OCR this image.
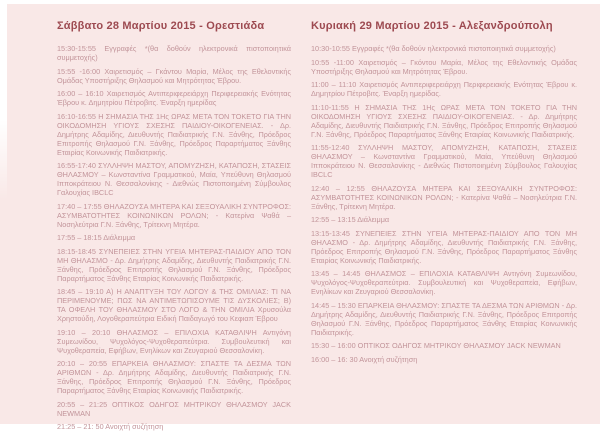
Σάββατο 28 Μαρτίου 2015 - Ορεστιάδα

15:30-15:55 Εγγραφές *(θα δοθούν ηλεκτρονικά πιστοποιητικά συμμετοχής)

15:55 -16:00 Χαιρετισμός – Γκάντου Μαρία, Μέλος της Εθελοντικής Ομάδας Υποστήριξης Θηλασμού και Μητρότητας Έβρου.

16:00 – 16:10 Χαιρετισμός Αντιπεριφερειάρχη Περιφερειακής Ενότητας Έβρου κ. Δημητρίου Πέτροβιτς. Έναρξη ημερίδας

16:10-16:55 Η ΣΗΜΑΣΙΑ ΤΗΣ 1Ης ΩΡΑΣ ΜΕΤΑ ΤΟΝ ΤΟΚΕΤΟ ΓΙΑ ΤΗΝ ΟΙΚΟΔΟΜΗΣΗ ΥΓΙΟΥΣ ΣΧΕΣΗΣ ΠΑΙΔΙΟΥ-ΟΙΚΟΓΕΝΕΙΑΣ. - Δρ. Δημήτρης Αδαμίδης, Διευθυντής Παιδιατρικής Γ.Ν. Ξάνθης, Πρόεδρος Επιτροπής Θηλασμού Γ.Ν. Ξάνθης, Πρόεδρος Παραρτήματος Ξάνθης Εταιρίας Κοινωνικής Παιδιατρικής.

16:55-17:40 ΣΥΛΛΗΨΗ ΜΑΣΤΟΥ, ΑΠΟΜΥΖΗΣΗ, ΚΑΤΑΠΟΣΗ, ΣΤΑΣΕΙΣ ΘΗΛΑΣΜΟΥ – Κωνσταντίνα Γραμματικού, Μαία, Υπεύθυνη Θηλασμού Ιπποκράτειου Ν. Θεσσαλονίκης - Διεθνώς Πιστοποιημένη Σύμβουλος Γαλουχίας IBCLC

17:40 – 17:55 ΘΗΛΑΖΟΥΣΑ ΜΗΤΕΡΑ ΚΑΙ ΣΕΞΟΥΑΛΙΚΗ ΣΥΝΤΡΟΦΟΣ: ΑΣΥΜΒΑΤΟΤΗΤΕΣ ΚΟΙΝΩΝΙΚΩΝ ΡΟΛΩΝ; - Κατερίνα Ψαθά – Νοσηλεύτρια Γ.Ν. Ξάνθης, Τρίτεκνη Μητέρα.

17:55 – 18:15 Διάλειμμα

18:15-18:45 ΣΥΝΕΠΕΙΕΣ ΣΤΗΝ ΥΓΕΙΑ ΜΗΤΕΡΑΣ-ΠΑΙΔΙΟΥ ΑΠΟ ΤΟΝ ΜΗ ΘΗΛΑΣΜΟ - Δρ. Δημήτρης Αδαμίδης, Διευθυντής Παιδιατρικής Γ.Ν. Ξάνθης, Πρόεδρος Επιτροπής Θηλασμού Γ.Ν. Ξάνθης, Πρόεδρος Παραρτήματος Ξάνθης Εταιρίας Κοινωνικής Παιδιατρικής.

18:45 – 19:10 Α) Η ΑΝΑΠΤΥΞΗ ΤΟΥ ΛΟΓΟΥ & ΤΗΣ ΟΜΙΛΙΑΣ: ΤΙ ΝΑ ΠΕΡΙΜΕΝΟΥΜΕ; ΠΩΣ ΝΑ ΑΝΤΙΜΕΤΩΠΙΣΟΥΜΕ ΤΙΣ ΔΥΣΚΟΛΙΕΣ; Β) ΤΑ ΟΦΕΛΗ ΤΟΥ ΘΗΛΑΣΜΟΥ ΣΤΟ ΛΟΓΟ & ΤΗΝ ΟΜΙΛΙΑ Χρυσούλα Χρηστούδη, Λογοθεραπεύτρια Ειδική Παιδαγωγό του Κεφιαπ Έβρου

19:10 – 20:10 ΘΗΛΑΣΜΟΣ – ΕΠΙΛΟΧΙΑ ΚΑΤΑΘΛΙΨΗ Αντιγόνη Συμεωνίδου, Ψυχολόγος-Ψυχοθεραπεύτρια. Συμβουλευτική και Ψυχοθεραπεία, Εφήβων, Ενηλίκων και Ζευγαριού Θεσσαλονίκη.

20:10 – 20:55 ΕΠΑΡΚΕΙΑ ΘΗΛΑΣΜΟΥ: ΣΠΑΣΤΕ ΤΑ ΔΕΣΜΑ ΤΩΝ ΑΡΙΘΜΩΝ - Δρ. Δημήτρης Αδαμίδης, Διευθυντής Παιδιατρικής Γ.Ν. Ξάνθης, Πρόεδρος Επιτροπής Θηλασμού Γ.Ν. Ξάνθης, Πρόεδρος Παραρτήματος Ξάνθης Εταιρίας Κοινωνικής Παιδιατρικής.

20:55 – 21:25 ΟΠΤΙΚΟΣ ΟΔΗΓΟΣ ΜΗΤΡΙΚΟΥ ΘΗΛΑΣΜΟΥ JACK NEWMAN

21:25 – 21: 50 Ανοιχτή συζήτηση

Κυριακή 29 Μαρτίου 2015 - Αλεξανδρούπολη

10:30-10:55 Εγγραφές *(θα δοθούν ηλεκτρονικά πιστοποιητικά συμμετοχής)

10:55 -11:00 Χαιρετισμός – Γκόντου Μαρία, Μέλος της Εθελοντικής Ομάδας Υποστήριξης Θηλασμού και Μητρότητας Έβρου.

11:00 – 11:10 Χαιρετισμός Αντιπεριφερειάρχη Περιφερειακής Ενότητας Έβρου κ. Δημητρίου Πέτροβιτς. Έναρξη ημερίδας.

11:10-11:55 Η ΣΗΜΑΣΙΑ ΤΗΣ 1Ης ΩΡΑΣ ΜΕΤΑ ΤΟΝ ΤΟΚΕΤΟ ΓΙΑ ΤΗΝ ΟΙΚΟΔΟΜΗΣΗ ΥΓΙΟΥΣ ΣΧΕΣΗΣ ΠΑΙΔΙΟΥ-ΟΙΚΟΓΕΝΕΙΑΣ. - Δρ. Δημήτρης Αδαμίδης, Διευθυντής Παιδιατρικής Γ.Ν. Ξάνθης, Πρόεδρος Επιτροπής Θηλασμού Γ.Ν. Ξάνθης, Πρόεδρος Παραρτήματος Ξάνθης Εταιρίας Κοινωνικής Παιδιατρικής.

11:55-12:40 ΣΥΛΛΗΨΗ ΜΑΣΤΟΥ, ΑΠΟΜΥΖΗΣΗ, ΚΑΤΑΠΟΣΗ, ΣΤΑΣΕΙΣ ΘΗΛΑΣΜΟΥ – Κωνσταντίνα Γραμματικού, Μαία, Υπεύθυνη Θηλασμού Ιπποκράτειου Ν. Θεσσαλονίκης - Διεθνώς Πιστοποιημένη Σύμβουλος Γαλουχίας IBCLC

12:40 – 12:55 ΘΗΛΑΖΟΥΣΑ ΜΗΤΕΡΑ ΚΑΙ ΣΕΞΟΥΑΛΙΚΗ ΣΥΝΤΡΟΦΟΣ: ΑΣΥΜΒΑΤΟΤΗΤΕΣ ΚΟΙΝΩΝΙΚΩΝ ΡΟΛΩΝ; - Κατερίνα Ψαθά – Νοσηλεύτρια Γ.Ν. Ξάνθης, Τρίτεκνη Μητέρα.

12:55 – 13:15 Διάλειμμα

13:15-13:45 ΣΥΝΕΠΕΙΕΣ ΣΤΗΝ ΥΓΕΙΑ ΜΗΤΕΡΑΣ-ΠΑΙΔΙΟΥ ΑΠΟ ΤΟΝ ΜΗ ΘΗΛΑΣΜΟ - Δρ. Δημήτρης Αδαμίδης, Διευθυντής Παιδιατρικής Γ.Ν. Ξάνθης, Πρόεδρος Επιτροπής Θηλασμού Γ.Ν. Ξάνθης, Πρόεδρος Παραρτήματος Ξάνθης Εταιρίας Κοινωνικής Παιδιατρικής.

13:45 – 14:45 ΘΗΛΑΣΜΟΣ – ΕΠΙΛΟΧΙΑ ΚΑΤΑΘΛΙΨΗ Αντιγόνη Συμεωνίδου, Ψυχολόγος-Ψυχοθεραπεύτρια. Συμβουλευτική και Ψυχοθεραπεία, Εφήβων, Ενηλίκων και Ζευγαριού Θεσσαλονίκη.

14:45 – 15:30 ΕΠΑΡΚΕΙΑ ΘΗΛΑΣΜΟΥ: ΣΠΑΣΤΕ ΤΑ ΔΕΣΜΑ ΤΩΝ ΑΡΙΘΜΩΝ - Δρ. Δημήτρης Αδαμίδης, Διευθυντής Παιδιατρικής Γ.Ν. Ξάνθης, Πρόεδρος Επιτροπής Θηλασμού Γ.Ν. Ξάνθης, Πρόεδρος Παραρτήματος Ξάνθης Εταιρίας Κοινωνικής Παιδιατρικής.

15:30 – 16:00 ΟΠΤΙΚΟΣ ΟΔΗΓΟΣ ΜΗΤΡΙΚΟΥ ΘΗΛΑΣΜΟΥ JACK NEWMAN

16:00 – 16: 30 Ανοιχτή συζήτηση
